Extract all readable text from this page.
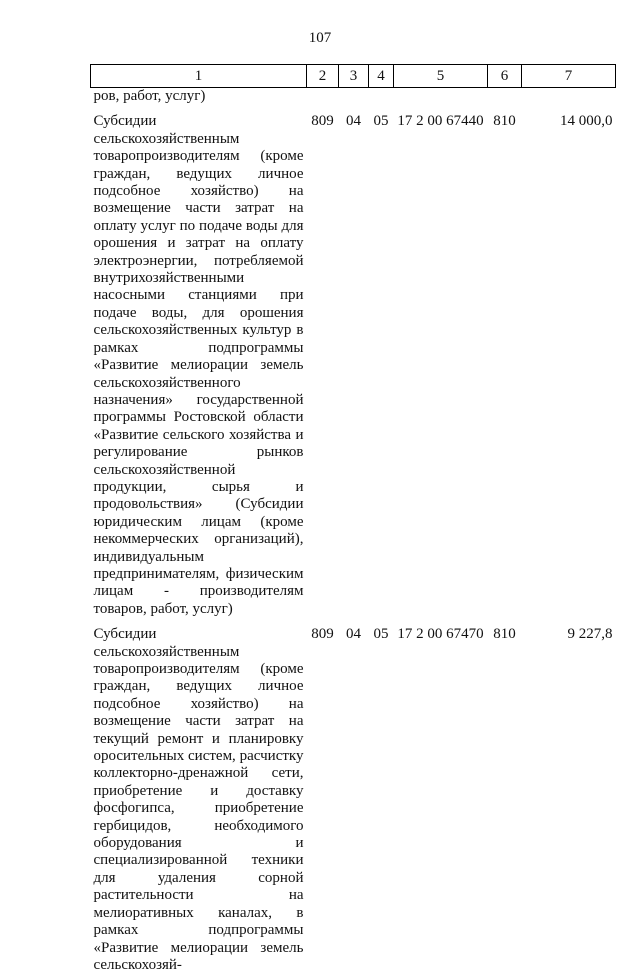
107
1	2	3	4	5	6	7
ров, работ, услуг)						

Субсидии сельскохозяйственным товаропроизводителям (кроме граждан, ведущих личное подсобное хозяйство) на возмещение части затрат на оплату услуг по подаче воды для орошения и затрат на оплату электроэнергии, потребляемой внутрихозяйственными насосными станциями при подаче воды, для орошения сельскохозяйственных культур в рамках подпрограммы «Развитие мелиорации земель сельскохозяйственного назначения» государственной программы Ростовской области «Развитие сельского хозяйства и регулирование рынков сельскохозяйственной продукции, сырья и продовольствия» (Субсидии юридическим лицам (кроме некоммерческих организаций), индивидуальным предпринимателям, физическим лицам - производителям товаров, работ, услуг)	809	04	05	17 2 00 67440	810	14 000,0

Субсидии сельскохозяйственным товаропроизводителям (кроме граждан, ведущих личное подсобное хозяйство) на возмещение части затрат на текущий ремонт и планировку оросительных систем, расчистку коллекторно-дренажной сети, приобретение и доставку фосфогипса, приобретение гербицидов, необходимого оборудования и специализированной техники для удаления сорной растительности на мелиоративных каналах, в рамках подпрограммы «Развитие мелиорации земель сельскохозяй-	809	04	05	17 2 00 67470	810	9 227,8
